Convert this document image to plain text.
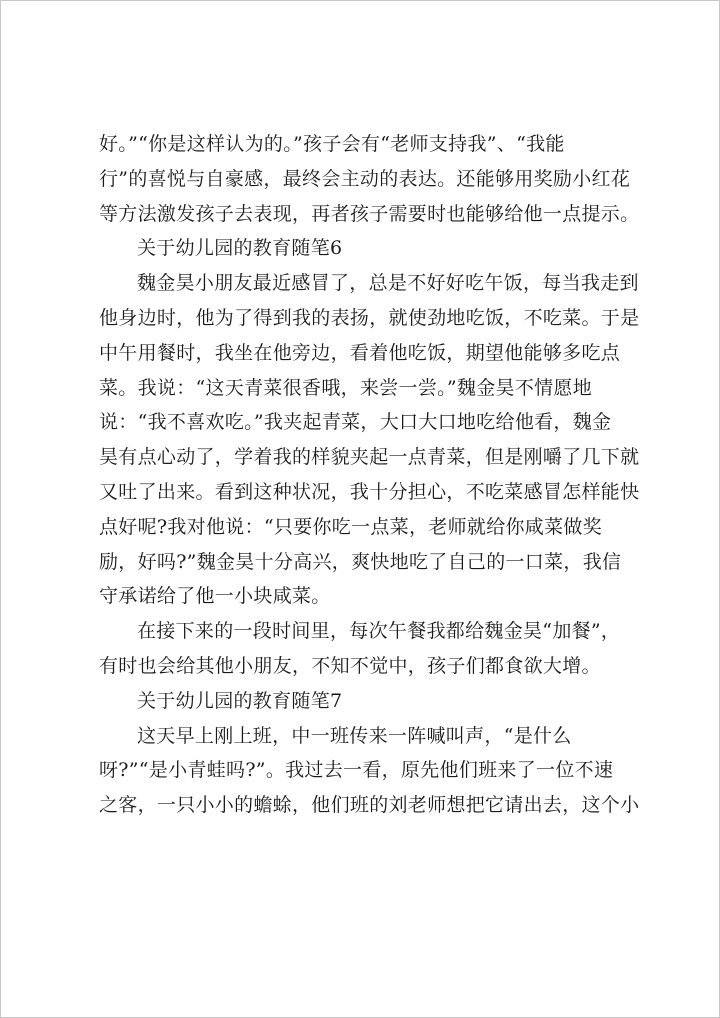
好。”“你是这样认为的。”孩子会有“老师支持我”、“我能
行”的喜悦与自豪感，最终会主动的表达。还能够用奖励小红花
等方法激发孩子去表现，再者孩子需要时也能够给他一点提示。
关于幼儿园的教育随笔6
魏金昊小朋友最近感冒了，总是不好好吃午饭，每当我走到
他身边时，他为了得到我的表扬，就使劲地吃饭，不吃菜。于是
中午用餐时，我坐在他旁边，看着他吃饭，期望他能够多吃点
菜。我说：“这天青菜很香哦，来尝一尝。”魏金昊不情愿地
说：“我不喜欢吃。”我夹起青菜，大口大口地吃给他看，魏金
昊有点心动了，学着我的样貌夹起一点青菜，但是刚嚼了几下就
又吐了出来。看到这种状况，我十分担心，不吃菜感冒怎样能快
点好呢?我对他说：“只要你吃一点菜，老师就给你咸菜做奖
励，好吗?”魏金昊十分高兴，爽快地吃了自己的一口菜，我信
守承诺给了他一小块咸菜。
在接下来的一段时间里，每次午餐我都给魏金昊“加餐”，
有时也会给其他小朋友，不知不觉中，孩子们都食欲大增。
关于幼儿园的教育随笔7
这天早上刚上班，中一班传来一阵喊叫声，“是什么
呀?”“是小青蛙吗?”。我过去一看，原先他们班来了一位不速
之客，一只小小的蟾蜍，他们班的刘老师想把它请出去，这个小
